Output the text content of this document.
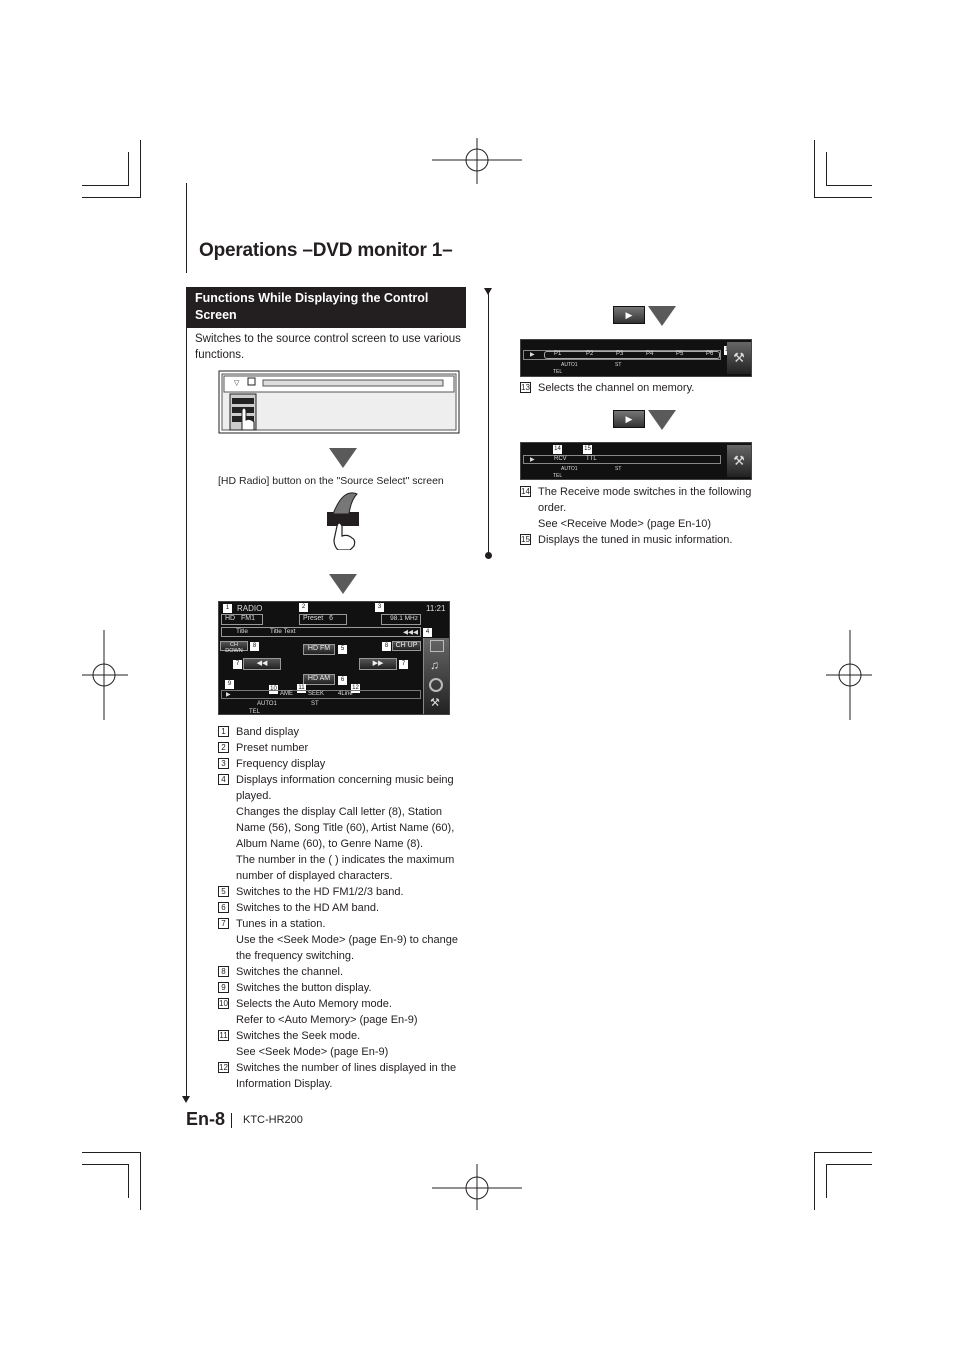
Operations –DVD monitor 1–
Functions While Displaying the Control Screen
Switches to the source control screen to use various functions.
▽
[HD Radio] button on the "Source Select" screen
1 RADIO	2	3	11:21
HD FM1	Preset 6	98.1 MHz
Title	Title Text	◀◀◀	4
CH DOWN
8	HD FM	5	8	CH UP
7	◀◀	▶▶	7
HD AM	6
9
10	11	12
▶	AME SEEK 4Line
AUTO1	ST
TEL
♫
⚒
1 Band display
2 Preset number
3 Frequency display
4 Displays information concerning music being played.
Changes the display Call letter (8), Station Name (56), Song Title (60), Artist Name (60), Album Name (60), to Genre Name (8).
The number in the ( ) indicates the maximum number of displayed characters.
5 Switches to the HD FM1/2/3 band.
6 Switches to the HD AM band.
7 Tunes in a station.
Use the <Seek Mode> (page En-9) to change the frequency switching.
8 Switches the channel.
9 Switches the button display.
10 Selects the Auto Memory mode.
Refer to <Auto Memory> (page En-9)
11 Switches the Seek mode.
See <Seek Mode> (page En-9)
12 Switches the number of lines displayed in the Information Display.
▶
▶	P1	P2	P3	P4	P5	P6
AUTO1	ST
TEL
⚒
13 Selects the channel on memory.
▶
14	15
▶	RCV	TTL
AUTO1	ST
TEL
⚒
14 The Receive mode switches in the following order.
See <Receive Mode> (page En-10)
15 Displays the tuned in music information.
En-8 KTC-HR200
